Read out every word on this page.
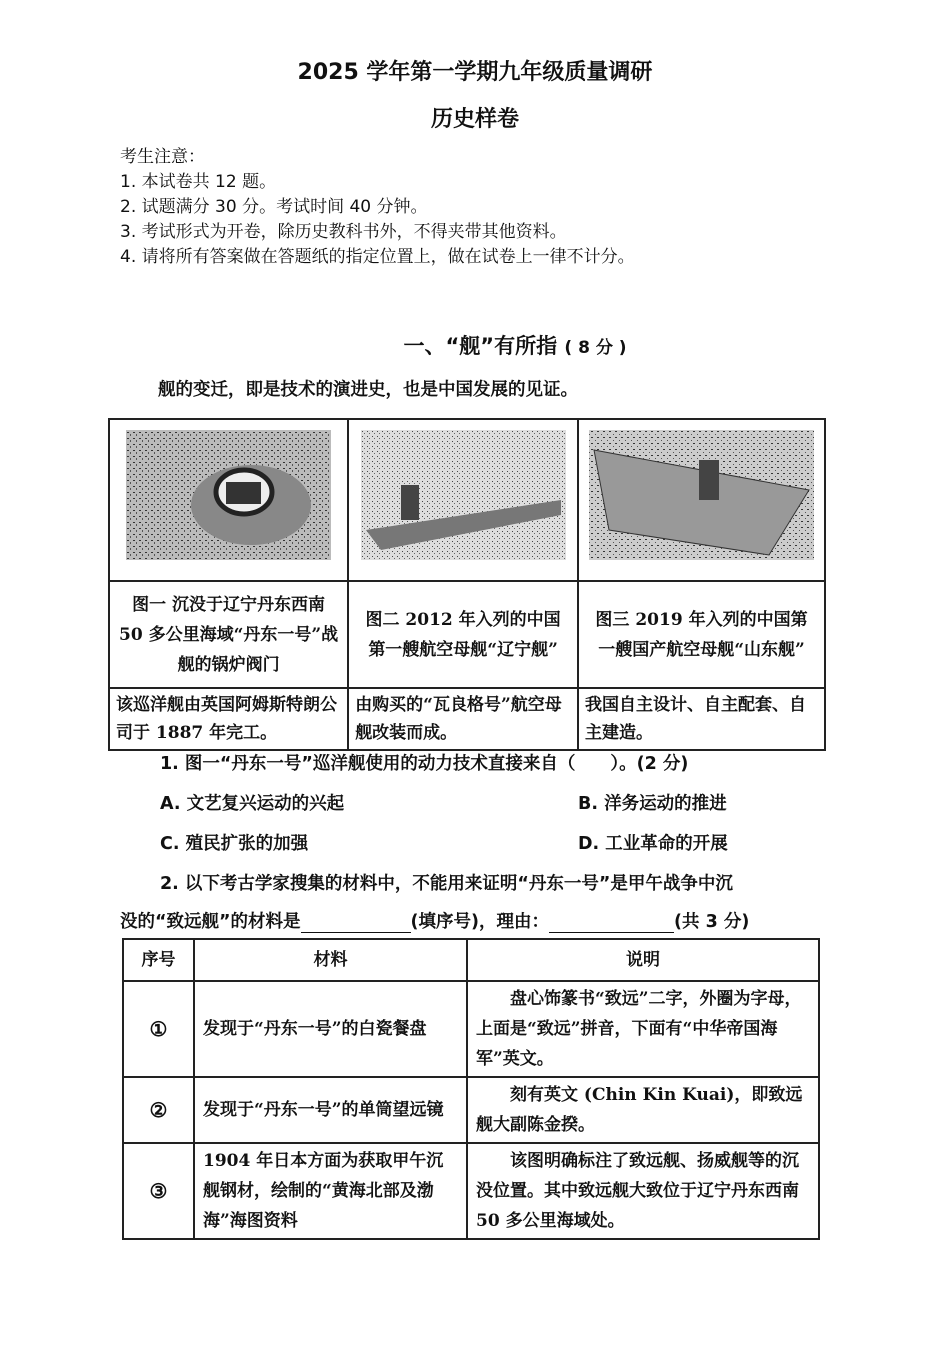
2025 学年第一学期九年级质量调研
历史样卷
考生注意：
1. 本试卷共 12 题。
2. 试题满分 30 分。考试时间 40 分钟。
3. 考试形式为开卷，除历史教科书外，不得夹带其他资料。
4. 请将所有答案做在答题纸的指定位置上，做在试卷上一律不计分。
一、“舰”有所指 ( 8 分 )
舰的变迁，即是技术的演进史，也是中国发展的见证。

图一 沉没于辽宁丹东西南 50 多公里海域“丹东一号”战舰的锅炉阀门	图二 2012 年入列的中国第一艘航空母舰“辽宁舰”	图三 2019 年入列的中国第一艘国产航空母舰“山东舰”
该巡洋舰由英国阿姆斯特朗公司于 1887 年完工。	由购买的“瓦良格号”航空母舰改装而成。	我国自主设计、自主配套、自主建造。
1. 图一“丹东一号”巡洋舰使用的动力技术直接来自（　　）。(2 分)
A. 文艺复兴运动的兴起	B. 洋务运动的推进
C. 殖民扩张的加强	D. 工业革命的开展
2. 以下考古学家搜集的材料中，不能用来证明“丹东一号”是甲午战争中沉
没的“致远舰”的材料是	(填序号)，理由：	(共 3 分)
序号	材料	说明
①	发现于“丹东一号”的白瓷餐盘	盘心饰篆书“致远”二字，外圈为字母，上面是“致远”拼音，下面有“中华帝国海军”英文。
②	发现于“丹东一号”的单筒望远镜	刻有英文 (Chin Kin Kuai)，即致远舰大副陈金揆。
③	1904 年日本方面为获取甲午沉舰钢材，绘制的“黄海北部及渤海”海图资料	该图明确标注了致远舰、扬威舰等的沉没位置。其中致远舰大致位于辽宁丹东西南 50 多公里海域处。
